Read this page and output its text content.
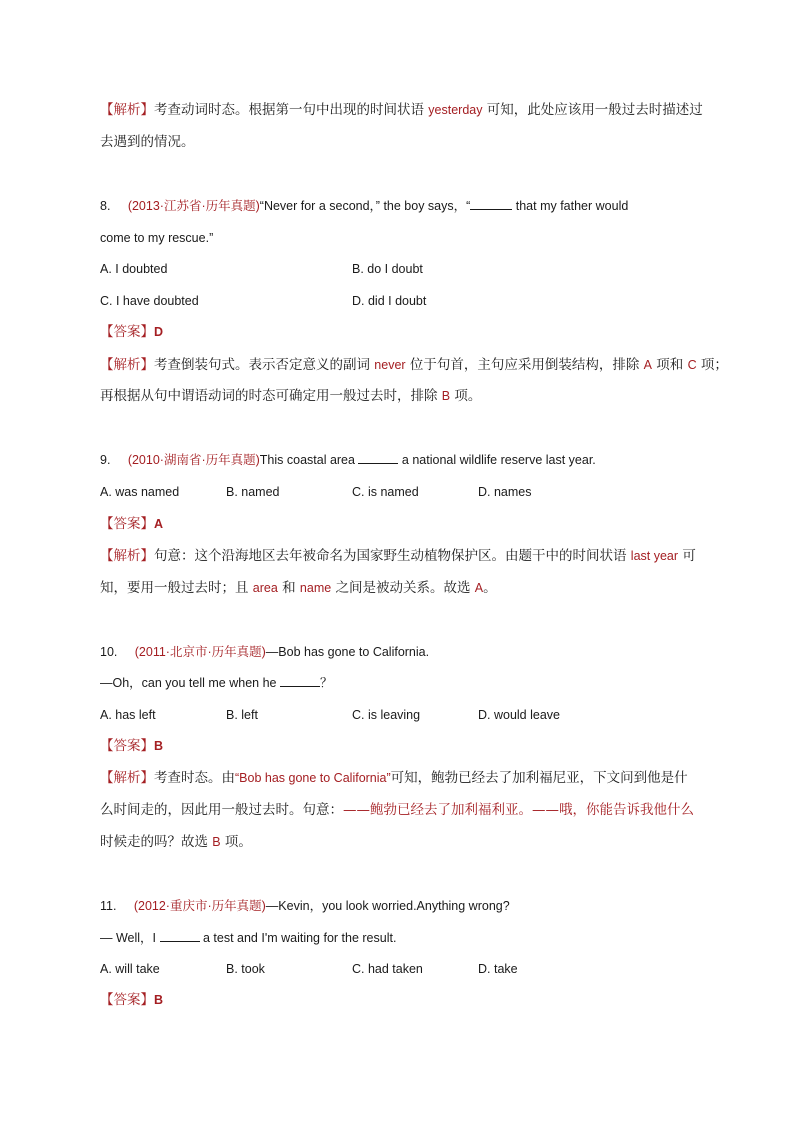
【解析】考查动词时态。根据第一句中出现的时间状语 yesterday 可知，此处应该用一般过去时描述过
去遇到的情况。
8. (2013·江苏省·历年真题)“Never for a second，” the boy says，“	that my father would
come to my rescue.”
A. I doubted	B. do I doubt
C. I have doubted	D. did I doubt
【答案】D
【解析】考查倒装句式。表示否定意义的副词 never 位于句首，主句应采用倒装结构，排除 A 项和 C 项；
再根据从句中谓语动词的时态可确定用一般过去时，排除 B 项。
9. (2010·湖南省·历年真题)This coastal area	a national wildlife reserve last year.
A. was named	B. named	C. is named	D. names
【答案】A
【解析】句意：这个沿海地区去年被命名为国家野生动植物保护区。由题干中的时间状语 last year 可
知，要用一般过去时；且 area 和 name 之间是被动关系。故选 A。
10. (2011·北京市·历年真题)—Bob has gone to California.
—Oh，can you tell me when he	？
A. has left	B. left	C. is leaving	D. would leave
【答案】B
【解析】考查时态。由“Bob has gone to California”可知，鲍勃已经去了加利福尼亚，下文问到他是什
么时间走的，因此用一般过去时。句意：——鲍勃已经去了加利福利亚。——哦，你能告诉我他什么
时候走的吗？故选 B 项。
11. (2012·重庆市·历年真题)—Kevin，you look worried.Anything wrong?
— Well，I	a test and I'm waiting for the result.
A. will take	B. took	C. had taken	D. take
【答案】B
